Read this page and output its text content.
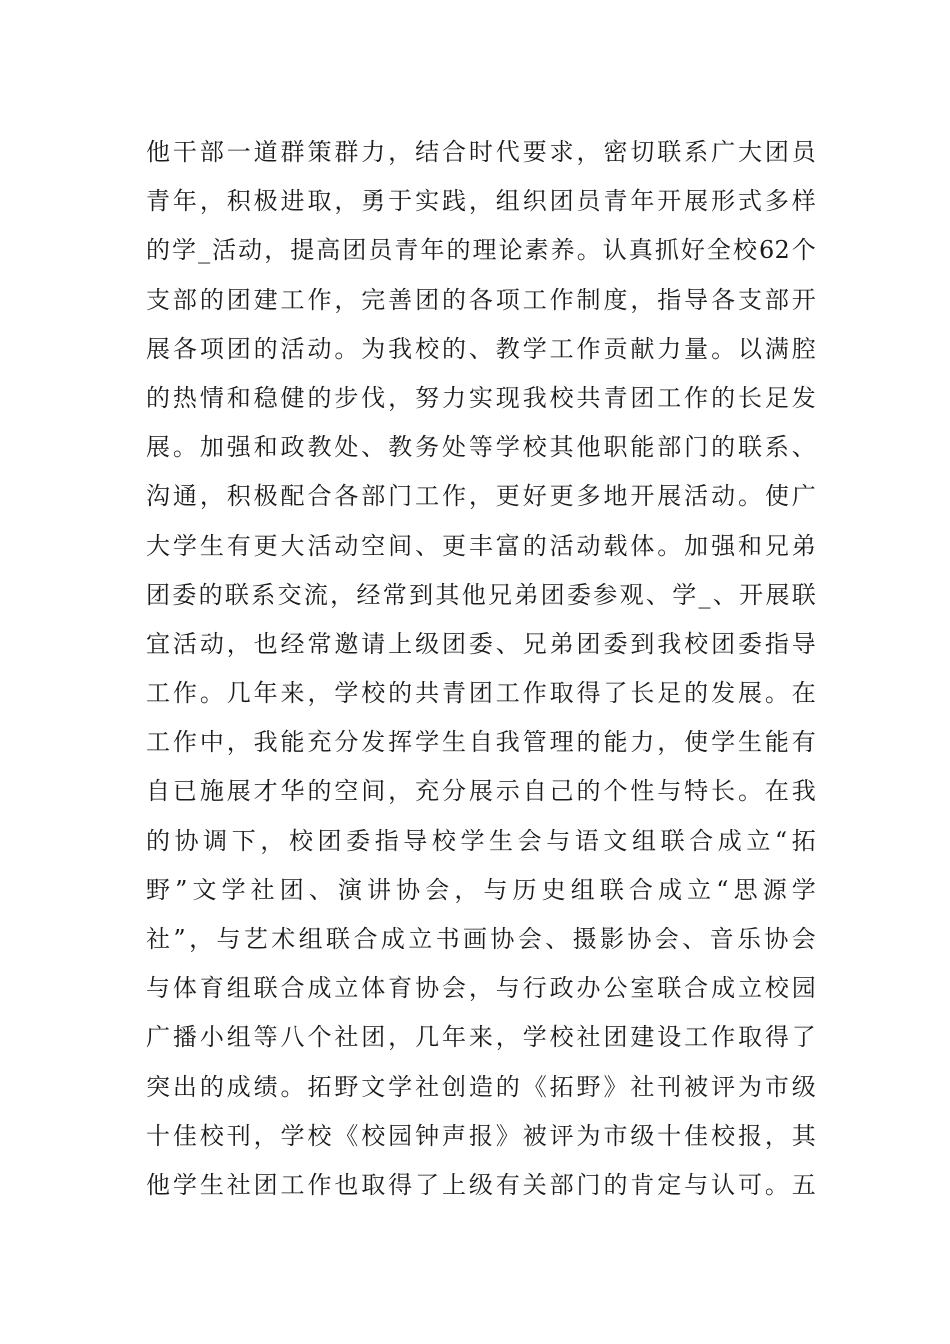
他干部一道群策群力，结合时代要求，密切联系广大团员
青年，积极进取，勇于实践，组织团员青年开展形式多样
的学_活动，提高团员青年的理论素养。认真抓好全校62个
支部的团建工作，完善团的各项工作制度，指导各支部开
展各项团的活动。为我校的、教学工作贡献力量。以满腔
的热情和稳健的步伐，努力实现我校共青团工作的长足发
展。加强和政教处、教务处等学校其他职能部门的联系、
沟通，积极配合各部门工作，更好更多地开展活动。使广
大学生有更大活动空间、更丰富的活动载体。加强和兄弟
团委的联系交流，经常到其他兄弟团委参观、学_、开展联
宜活动，也经常邀请上级团委、兄弟团委到我校团委指导
工作。几年来，学校的共青团工作取得了长足的发展。在
工作中，我能充分发挥学生自我管理的能力，使学生能有
自已施展才华的空间，充分展示自己的个性与特长。在我
的协调下，校团委指导校学生会与语文组联合成立“拓
野”文学社团、演讲协会，与历史组联合成立“思源学
社”，与艺术组联合成立书画协会、摄影协会、音乐协会
与体育组联合成立体育协会，与行政办公室联合成立校园
广播小组等八个社团，几年来，学校社团建设工作取得了
突出的成绩。拓野文学社创造的《拓野》社刊被评为市级
十佳校刊，学校《校园钟声报》被评为市级十佳校报，其
他学生社团工作也取得了上级有关部门的肯定与认可。五
